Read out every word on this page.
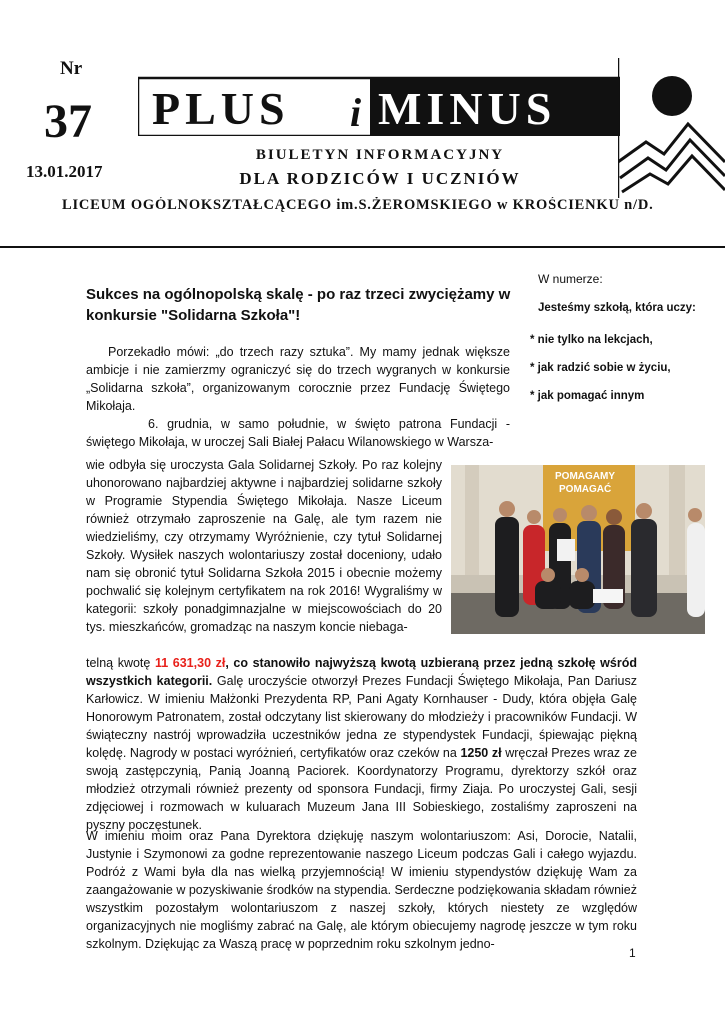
Nr
37
13.01.2017
PLUS i MINUS
BIULETYN INFORMACYJNY
DLA RODZICÓW I UCZNIÓW
LICEUM OGÓLNOKSZTAŁCĄCEGO im.S.ŻEROMSKIEGO w KROŚCIENKU n/D.
W numerze:
Jesteśmy szkołą, która uczy:
* nie tylko na lekcjach,
* jak radzić sobie w życiu,
* jak pomagać innym
Sukces na ogólnopolską skalę - po raz trzeci zwyciężamy w konkursie "Solidarna Szkoła"!

Porzekadło mówi: „do trzech razy sztuka”. My mamy jednak większe ambicje i nie zamierzmy ograniczyć się do trzech wygranych w konkursie „Solidarna szkoła”, organizowanym corocznie przez Fundację Świętego Mikołaja.

6. grudnia, w samo południe, w święto patrona Fundacji - świętego Mikołaja, w uroczej Sali Białej Pałacu Wilanowskiego w Warsza-

wie odbyła się uroczysta Gala Solidarnej Szkoły. Po raz kolejny uhonorowano najbardziej aktywne i najbardziej solidarne szkoły w Programie Stypendia Świętego Mikołaja. Nasze Liceum również otrzymało zaproszenie na Galę, ale tym razem nie wiedzieliśmy, czy otrzymamy Wyróżnienie, czy tytuł Solidarnej Szkoły. Wysiłek naszych wolontariuszy został doceniony, udało nam się obronić tytuł Solidarna Szkoła 2015 i obecnie możemy pochwalić się kolejnym certyfikatem na rok 2016! Wygraliśmy w kategorii: szkoły ponadgimnazjalne w miejscowościach do 20 tys. mieszkańców, gromadząc na naszym koncie niebaga-

POMAGAMY
POMAGAĆ
telną kwotę 11 631,30 zł, co stanowiło najwyższą kwotą uzbieraną przez jedną szkołę wśród wszystkich kategorii. Galę uroczyście otworzył Prezes Fundacji Świętego Mikołaja, Pan Dariusz Karłowicz. W imieniu Małżonki Prezydenta RP, Pani Agaty Kornhauser - Dudy, która objęła Galę Honorowym Patronatem, został odczytany list skierowany do młodzieży i pracowników Fundacji. W świąteczny nastrój wprowadziła uczestników jedna ze stypendystek Fundacji, śpiewając piękną kolędę. Nagrody w postaci wyróżnień, certyfikatów oraz czeków na 1250 zł wręczał Prezes wraz ze swoją zastępczynią, Panią Joanną Paciorek. Koordynatorzy Programu, dyrektorzy szkół oraz młodzież otrzymali również prezenty od sponsora Fundacji, firmy Ziaja. Po uroczystej Gali, sesji zdjęciowej i rozmowach w kuluarach Muzeum Jana III Sobieskiego, zostaliśmy zaproszeni na pyszny poczęstunek.

W imieniu moim oraz Pana Dyrektora dziękuję naszym wolontariuszom: Asi, Dorocie, Natalii, Justynie i Szymonowi za godne reprezentowanie naszego Liceum podczas Gali i całego wyjazdu. Podróż z Wami była dla nas wielką przyjemnością! W imieniu stypendystów dziękuję Wam za zaangażowanie w pozyskiwanie środków na stypendia. Serdeczne podziękowania składam również wszystkim pozostałym wolontariuszom z naszej szkoły, których niestety ze względów organizacyjnych nie mogliśmy zabrać na Galę, ale którym obiecujemy nagrodę jeszcze w tym roku szkolnym. Dziękując za Waszą pracę w poprzednim roku szkolnym jedno-

1
